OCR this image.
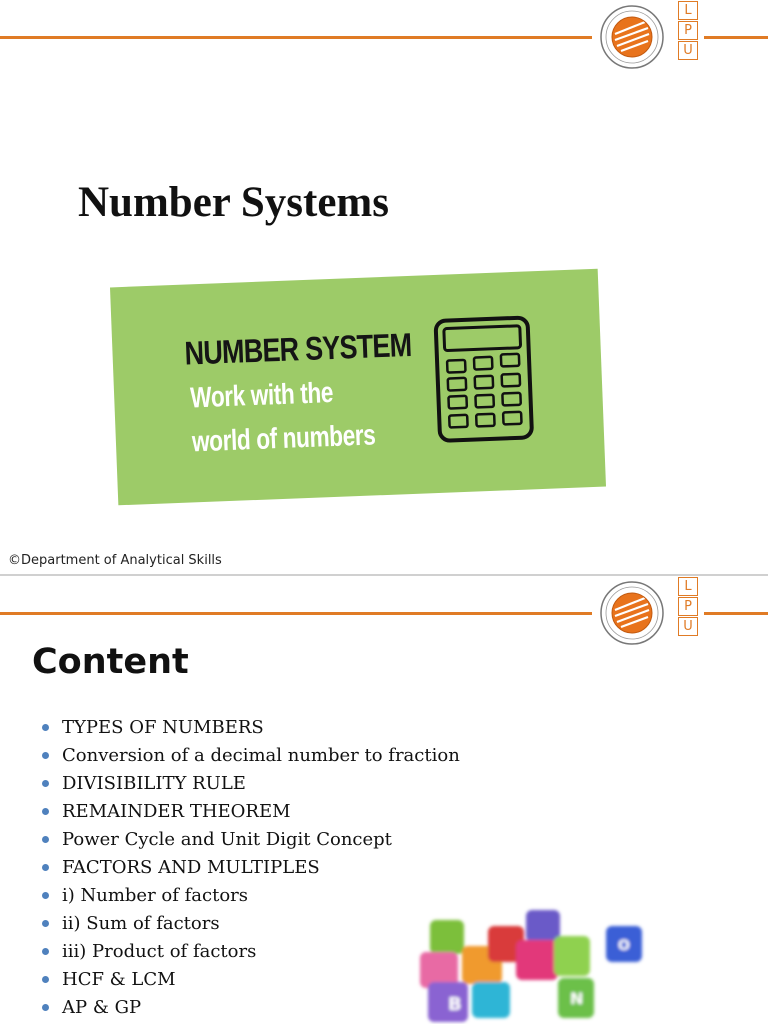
L
P
U
Number Systems
NUMBER SYSTEM
Work with the
world of numbers
©Department of Analytical Skills
L
P
U
Content
TYPES OF NUMBERS
Conversion of a decimal number to fraction
DIVISIBILITY RULE
REMAINDER THEOREM
Power Cycle and Unit Digit Concept
FACTORS AND MULTIPLES
i) Number of factors
ii) Sum of factors
iii) Product of factors
HCF & LCM
AP & GP	B	N
O
